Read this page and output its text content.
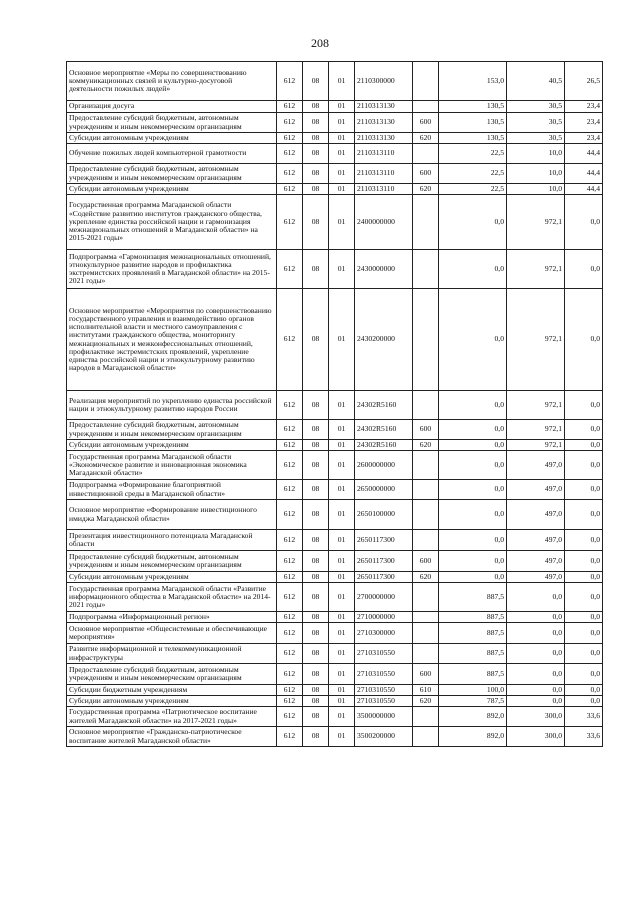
208
Основное мероприятие «Меры по совершенствованию коммуникационных связей и культурно-досуговой деятельности пожилых людей»	612	08	01	2110300000		153,0	40,5	26,5
Организация досуга	612	08	01	2110313130		130,5	30,5	23,4
Предоставление субсидий бюджетным, автономным учреждениям и иным некоммерческим организациям	612	08	01	2110313130	600	130,5	30,5	23,4
Субсидии автономным учреждениям	612	08	01	2110313130	620	130,5	30,5	23,4
Обучение пожилых людей компьютерной грамотности	612	08	01	2110313110		22,5	10,0	44,4
Предоставление субсидий бюджетным, автономным учреждениям и иным некоммерческим организациям	612	08	01	2110313110	600	22,5	10,0	44,4
Субсидии автономным учреждениям	612	08	01	2110313110	620	22,5	10,0	44,4
Государственная программа Магаданской области «Содействие развитию институтов гражданского общества, укрепление единства российской нации и гармонизация межнациональных отношений в Магаданской области» на 2015-2021 годы»	612	08	01	2400000000		0,0	972,1	0,0
Подпрограмма «Гармонизация межнациональных отношений, этнокультурное развитие народов и профилактика экстремистских проявлений в Магаданской области» на 2015-2021 годы»	612	08	01	2430000000		0,0	972,1	0,0
Основное мероприятие «Мероприятия по совершенствованию государственного управления и взаимодействию органов исполнительной власти и местного самоуправления с институтами гражданского общества, мониторингу межнациональных и межконфессиональных отношений, профилактике экстремистских проявлений, укрепление единства российской нации и этнокультурному развитию народов в Магаданской области»	612	08	01	2430200000		0,0	972,1	0,0
Реализация мероприятий по укреплению единства российской нации и этнокультурному развитию народов России	612	08	01	24302R5160		0,0	972,1	0,0
Предоставление субсидий бюджетным, автономным учреждениям и иным некоммерческим организациям	612	08	01	24302R5160	600	0,0	972,1	0,0
Субсидии автономным учреждениям	612	08	01	24302R5160	620	0,0	972,1	0,0
Государственная программа Магаданской области «Экономическое развитие и инновационная экономика Магаданской области»	612	08	01	2600000000		0,0	497,0	0,0
Подпрограмма «Формирование благоприятной инвестиционной среды в Магаданской области»	612	08	01	2650000000		0,0	497,0	0,0
Основное мероприятие «Формирование инвестиционного имиджа Магаданской области»	612	08	01	2650100000		0,0	497,0	0,0
Презентация инвестиционного потенциала Магаданской области	612	08	01	2650117300		0,0	497,0	0,0
Предоставление субсидий бюджетным, автономным учреждениям и иным некоммерческим организациям	612	08	01	2650117300	600	0,0	497,0	0,0
Субсидии автономным учреждениям	612	08	01	2650117300	620	0,0	497,0	0,0
Государственная программа Магаданской области «Развитие информационного общества в Магаданской области» на 2014-2021 годы»	612	08	01	2700000000		887,5	0,0	0,0
Подпрограмма «Информационный регион»	612	08	01	2710000000		887,5	0,0	0,0
Основное мероприятие «Общесистемные и обеспечивающие мероприятия»	612	08	01	2710300000		887,5	0,0	0,0
Развитие информационной и телекоммуникационной инфраструктуры	612	08	01	2710310550		887,5	0,0	0,0
Предоставление субсидий бюджетным, автономным учреждениям и иным некоммерческим организациям	612	08	01	2710310550	600	887,5	0,0	0,0
Субсидии бюджетным учреждениям	612	08	01	2710310550	610	100,0	0,0	0,0
Субсидии автономным учреждениям	612	08	01	2710310550	620	787,5	0,0	0,0
Государственная программа «Патриотическое воспитание жителей Магаданской области» на 2017-2021 годы»	612	08	01	3500000000		892,0	300,0	33,6
Основное мероприятие «Гражданско-патриотическое воспитание жителей Магаданской области»	612	08	01	3500200000		892,0	300,0	33,6
